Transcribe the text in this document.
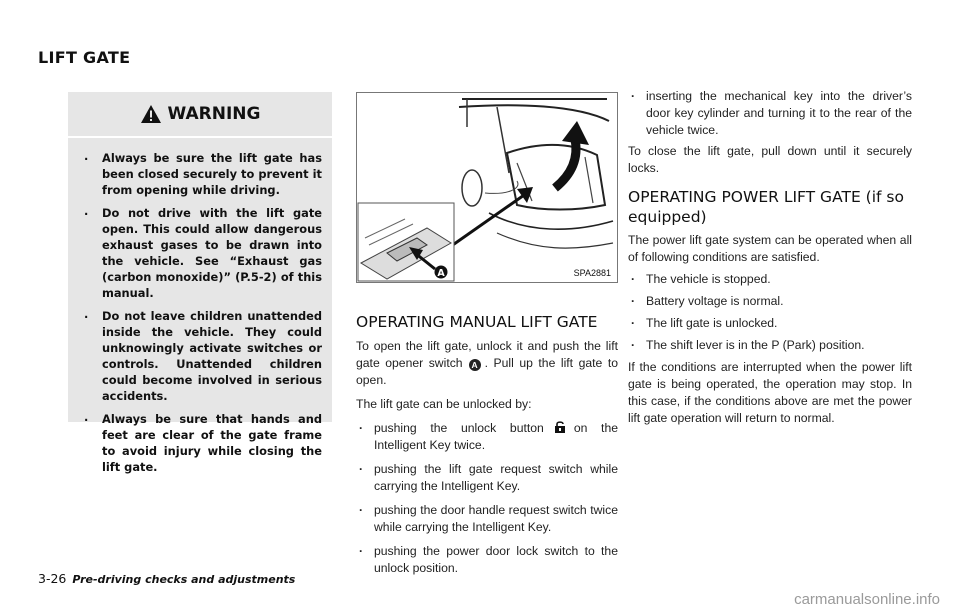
LIFT GATE
WARNING
. Always be sure the lift gate has been closed securely to prevent it from opening while driving.
. Do not drive with the lift gate open. This could allow dangerous exhaust gases to be drawn into the vehicle. See “Exhaust gas (carbon monoxide)” (P.5-2) of this manual.
. Do not leave children unattended inside the vehicle. They could unknowingly activate switches or controls. Unattended children could become involved in serious accidents.
. Always be sure that hands and feet are clear of the gate frame to avoid injury while closing the lift gate.
A	SPA2881
OPERATING MANUAL LIFT GATE

To open the lift gate, unlock it and push the lift gate opener switch A . Pull up the lift gate to open.

The lift gate can be unlocked by:

. pushing the unlock button on the Intelligent Key twice.
. pushing the lift gate request switch while carrying the Intelligent Key.
. pushing the door handle request switch twice while carrying the Intelligent Key.
. pushing the power door lock switch to the unlock position.
. inserting the mechanical key into the driver’s door key cylinder and turning it to the rear of the vehicle twice.

To close the lift gate, pull down until it securely locks.

OPERATING POWER LIFT GATE (if so equipped)

The power lift gate system can be operated when all of following conditions are satisfied.

. The vehicle is stopped.
. Battery voltage is normal.
. The lift gate is unlocked.
. The shift lever is in the P (Park) position.

If the conditions are interrupted when the power lift gate is being operated, the operation may stop. In this case, if the conditions above are met the power lift gate operation will return to normal.

3-26 Pre-driving checks and adjustments
carmanualsonline.info
